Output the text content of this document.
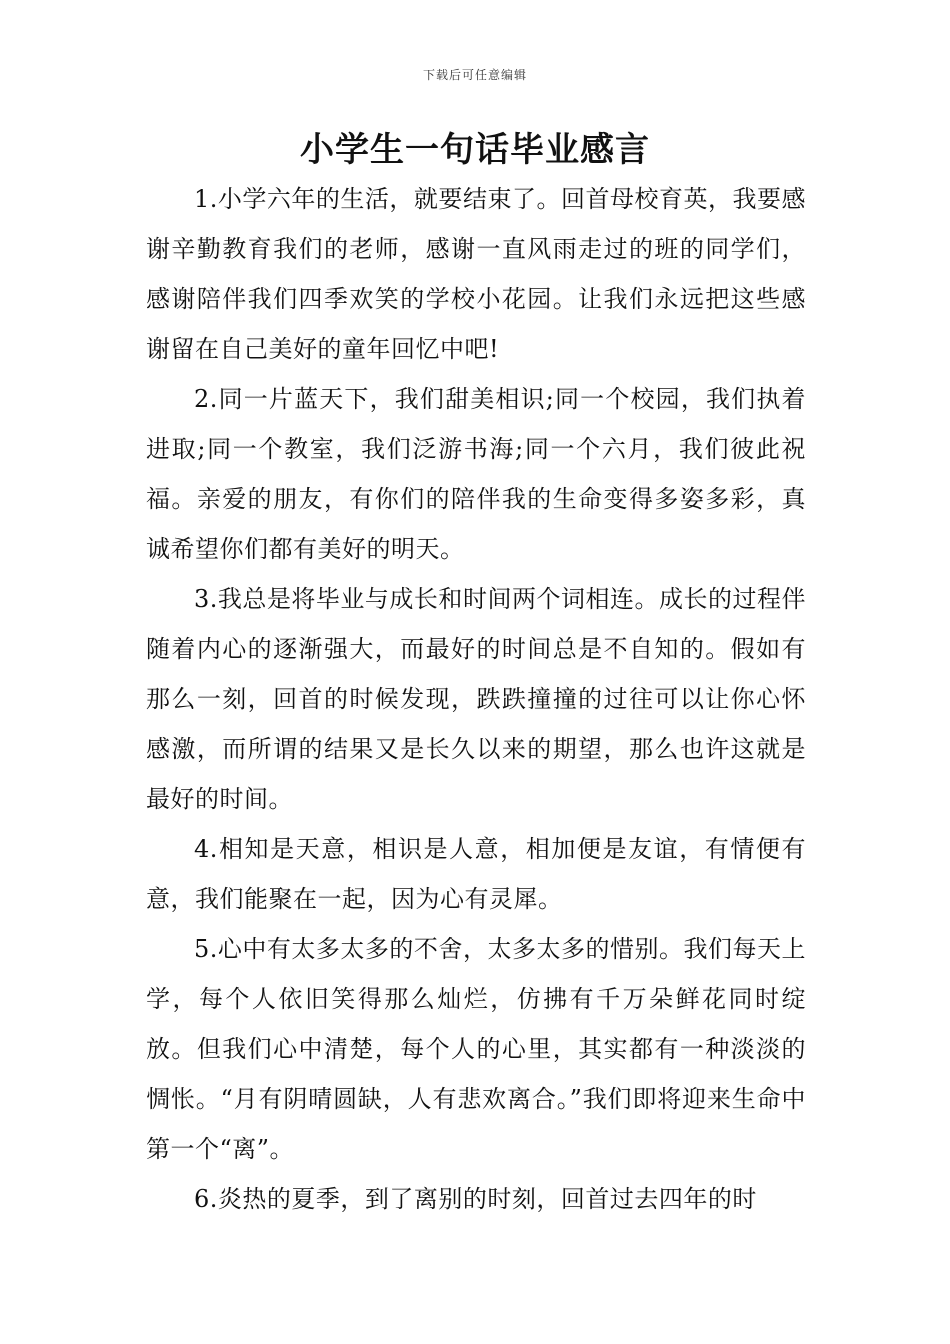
下载后可任意编辑
小学生一句话毕业感言

1.小学六年的生活，就要结束了。回首母校育英，我要感谢辛勤教育我们的老师，感谢一直风雨走过的班的同学们，感谢陪伴我们四季欢笑的学校小花园。让我们永远把这些感谢留在自己美好的童年回忆中吧!

2.同一片蓝天下，我们甜美相识;同一个校园，我们执着进取;同一个教室，我们泛游书海;同一个六月，我们彼此祝福。亲爱的朋友，有你们的陪伴我的生命变得多姿多彩，真诚希望你们都有美好的明天。

3.我总是将毕业与成长和时间两个词相连。成长的过程伴随着内心的逐渐强大，而最好的时间总是不自知的。假如有那么一刻，回首的时候发现，跌跌撞撞的过往可以让你心怀感激，而所谓的结果又是长久以来的期望，那么也许这就是最好的时间。

4.相知是天意，相识是人意，相加便是友谊，有情便有意，我们能聚在一起，因为心有灵犀。

5.心中有太多太多的不舍，太多太多的惜别。我们每天上学，每个人依旧笑得那么灿烂，仿拂有千万朵鲜花同时绽放。但我们心中清楚，每个人的心里，其实都有一种淡淡的惆怅。“月有阴晴圆缺，人有悲欢离合。”我们即将迎来生命中第一个“离”。

6.炎热的夏季，到了离别的时刻，回首过去四年的时
